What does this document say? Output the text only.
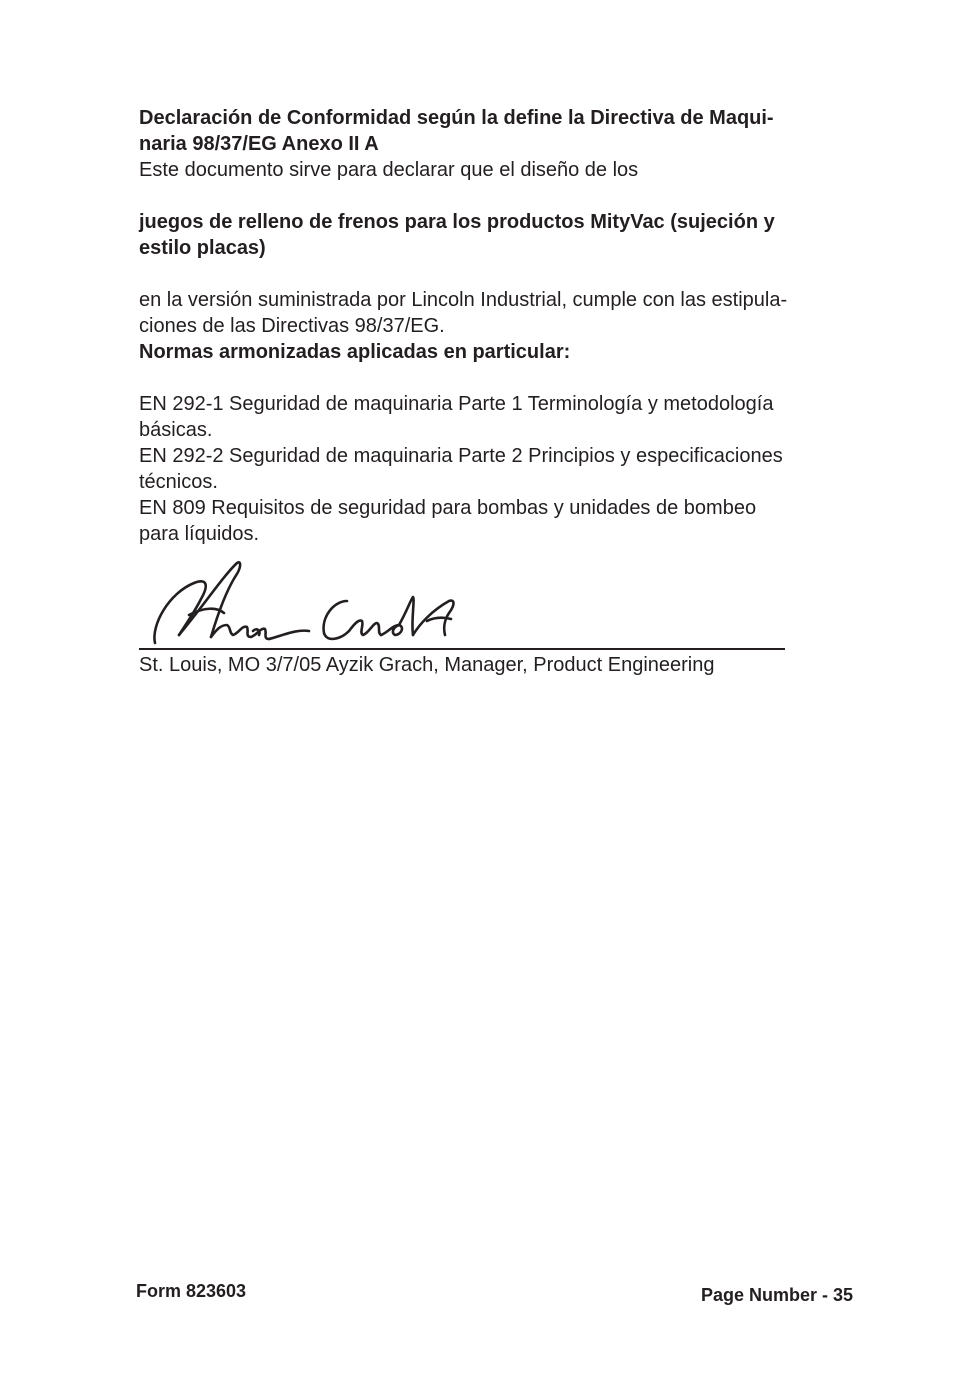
Declaración de Conformidad según la define la Directiva de Maqui-

naria 98/37/EG Anexo II A

Este documento sirve para declarar que el diseño de los

juegos de relleno de frenos para los productos MityVac (sujeción y

estilo placas)

en la versión suministrada por Lincoln Industrial, cumple con las estipula-

ciones de las Directivas 98/37/EG.

Normas armonizadas aplicadas en particular:

EN 292-1 Seguridad de maquinaria Parte 1 Terminología y metodología

básicas.

EN 292-2 Seguridad de maquinaria Parte 2 Principios y especificaciones

técnicos.

EN 809 Requisitos de seguridad para bombas y unidades de bombeo

para líquidos.

St. Louis, MO 3/7/05 Ayzik Grach, Manager, Product Engineering
Form 823603	Page Number - 35
